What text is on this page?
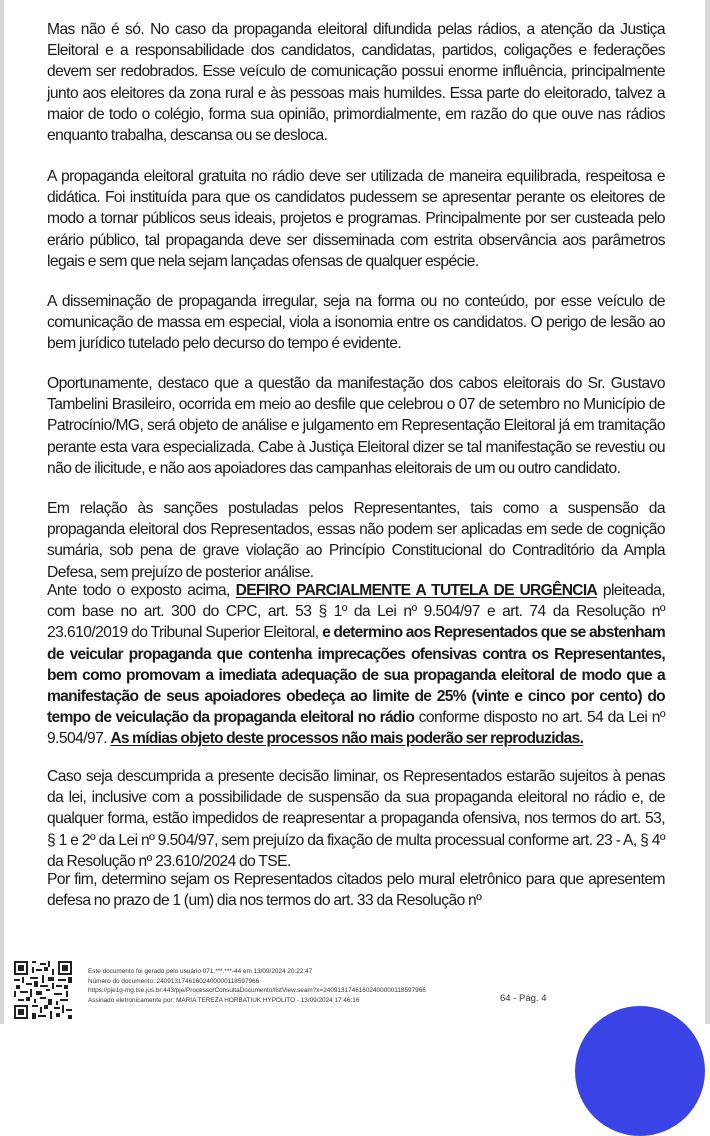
Mas não é só. No caso da propaganda eleitoral difundida pelas rádios, a atenção da Justiça Eleitoral e a responsabilidade dos candidatos, candidatas, partidos, coligações e federações devem ser redobrados. Esse veículo de comunicação possui enorme influência, principalmente junto aos eleitores da zona rural e às pessoas mais humildes. Essa parte do eleitorado, talvez a maior de todo o colégio, forma sua opinião, primordialmente, em razão do que ouve nas rádios enquanto trabalha, descansa ou se desloca.

A propaganda eleitoral gratuita no rádio deve ser utilizada de maneira equilibrada, respeitosa e didática. Foi instituída para que os candidatos pudessem se apresentar perante os eleitores de modo a tornar públicos seus ideais, projetos e programas. Principalmente por ser custeada pelo erário público, tal propaganda deve ser disseminada com estrita observância aos parâmetros legais e sem que nela sejam lançadas ofensas de qualquer espécie.

A disseminação de propaganda irregular, seja na forma ou no conteúdo, por esse veículo de comunicação de massa em especial, viola a isonomia entre os candidatos. O perigo de lesão ao bem jurídico tutelado pelo decurso do tempo é evidente.

Oportunamente, destaco que a questão da manifestação dos cabos eleitorais do Sr. Gustavo Tambelini Brasileiro, ocorrida em meio ao desfile que celebrou o 07 de setembro no Município de Patrocínio/MG, será objeto de análise e julgamento em Representação Eleitoral já em tramitação perante esta vara especializada. Cabe à Justiça Eleitoral dizer se tal manifestação se revestiu ou não de ilicitude, e não aos apoiadores das campanhas eleitorais de um ou outro candidato.

Em relação às sanções postuladas pelos Representantes, tais como a suspensão da propaganda eleitoral dos Representados, essas não podem ser aplicadas em sede de cognição sumária, sob pena de grave violação ao Princípio Constitucional do Contraditório da Ampla Defesa, sem prejuízo de posterior análise.

Ante todo o exposto acima, DEFIRO PARCIALMENTE A TUTELA DE URGÊNCIA pleiteada, com base no art. 300 do CPC, art. 53 § 1º da Lei nº 9.504/97 e art. 74 da Resolução nº 23.610/2019 do Tribunal Superior Eleitoral, e determino aos Representados que se abstenham de veicular propaganda que contenha imprecações ofensivas contra os Representantes, bem como promovam a imediata adequação de sua propaganda eleitoral de modo que a manifestação de seus apoiadores obedeça ao limite de 25% (vinte e cinco por cento) do tempo de veiculação da propaganda eleitoral no rádio conforme disposto no art. 54 da Lei nº 9.504/97. As mídias objeto deste processos não mais poderão ser reproduzidas.

Caso seja descumprida a presente decisão liminar, os Representados estarão sujeitos à penas da lei, inclusive com a possibilidade de suspensão da sua propaganda eleitoral no rádio e, de qualquer forma, estão impedidos de reapresentar a propaganda ofensiva, nos termos do art. 53, § 1 e 2º da Lei nº 9.504/97, sem prejuízo da fixação de multa processual conforme art. 23 - A, § 4º da Resolução nº 23.610/2024 do TSE.

Por fim, determino sejam os Representados citados pelo mural eletrônico para que apresentem defesa no prazo de 1 (um) dia nos termos do art. 33 da Resolução nº

Este documento foi gerado pelo usuário 071.***.***-44 em 13/09/2024 20:22:47
Número do documento: 24091317461602400000118597966
https://pje1g-mg.tse.jus.br:443/pje/Processo/ConsultaDocumento/listView.seam?x=24091317461602400000118597966
Assinado eletronicamente por: MARIA TEREZA HORBATIUK HYPOLITO - 13/09/2024 17:46:16	64 - Pág. 4
